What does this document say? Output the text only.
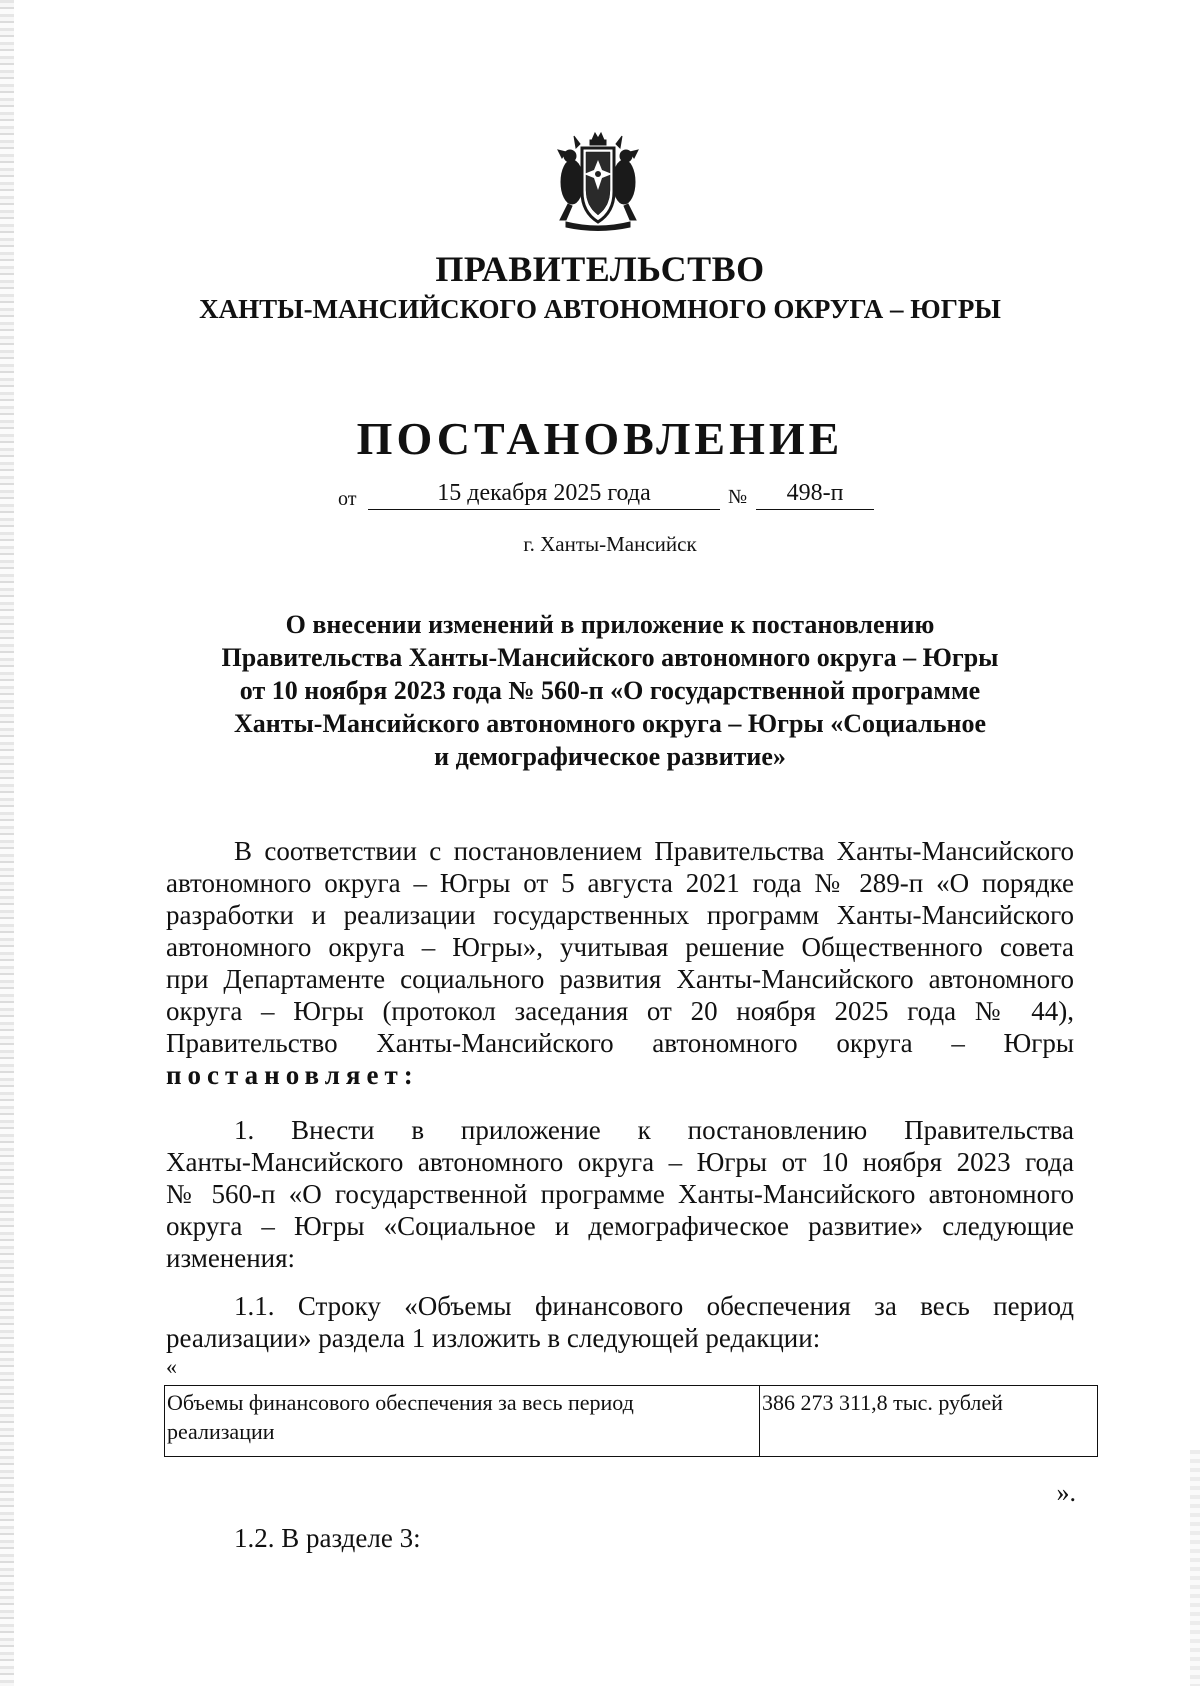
ПРАВИТЕЛЬСТВО
ХАНТЫ-МАНСИЙСКОГО АВТОНОМНОГО ОКРУГА – ЮГРЫ
ПОСТАНОВЛЕНИЕ
от	15 декабря 2025 года	№	498-п
г. Ханты-Мансийск
О внесении изменений в приложение к постановлению
Правительства Ханты-Мансийского автономного округа – Югры
от 10 ноября 2023 года № 560-п «О государственной программе
Ханты-Мансийского автономного округа – Югры «Социальное
и демографическое развитие»
В соответствии с постановлением Правительства Ханты-Мансийского
автономного округа – Югры от 5 августа 2021 года № 289-п «О порядке
разработки и реализации государственных программ Ханты-Мансийского
автономного округа – Югры», учитывая решение Общественного совета
при Департаменте социального развития Ханты-Мансийского автономного
округа – Югры (протокол заседания от 20 ноября 2025 года № 44),
Правительство Ханты-Мансийского автономного округа – Югры
постановляет:
1. Внести в приложение к постановлению Правительства
Ханты-Мансийского автономного округа – Югры от 10 ноября 2023 года
№ 560-п «О государственной программе Ханты-Мансийского автономного
округа – Югры «Социальное и демографическое развитие» следующие
изменения:
1.1. Строку «Объемы финансового обеспечения за весь период
реализации» раздела 1 изложить в следующей редакции:
«
Объемы финансового обеспечения за весь период
реализации	386 273 311,8 тыс. рублей
».
1.2. В разделе 3:
